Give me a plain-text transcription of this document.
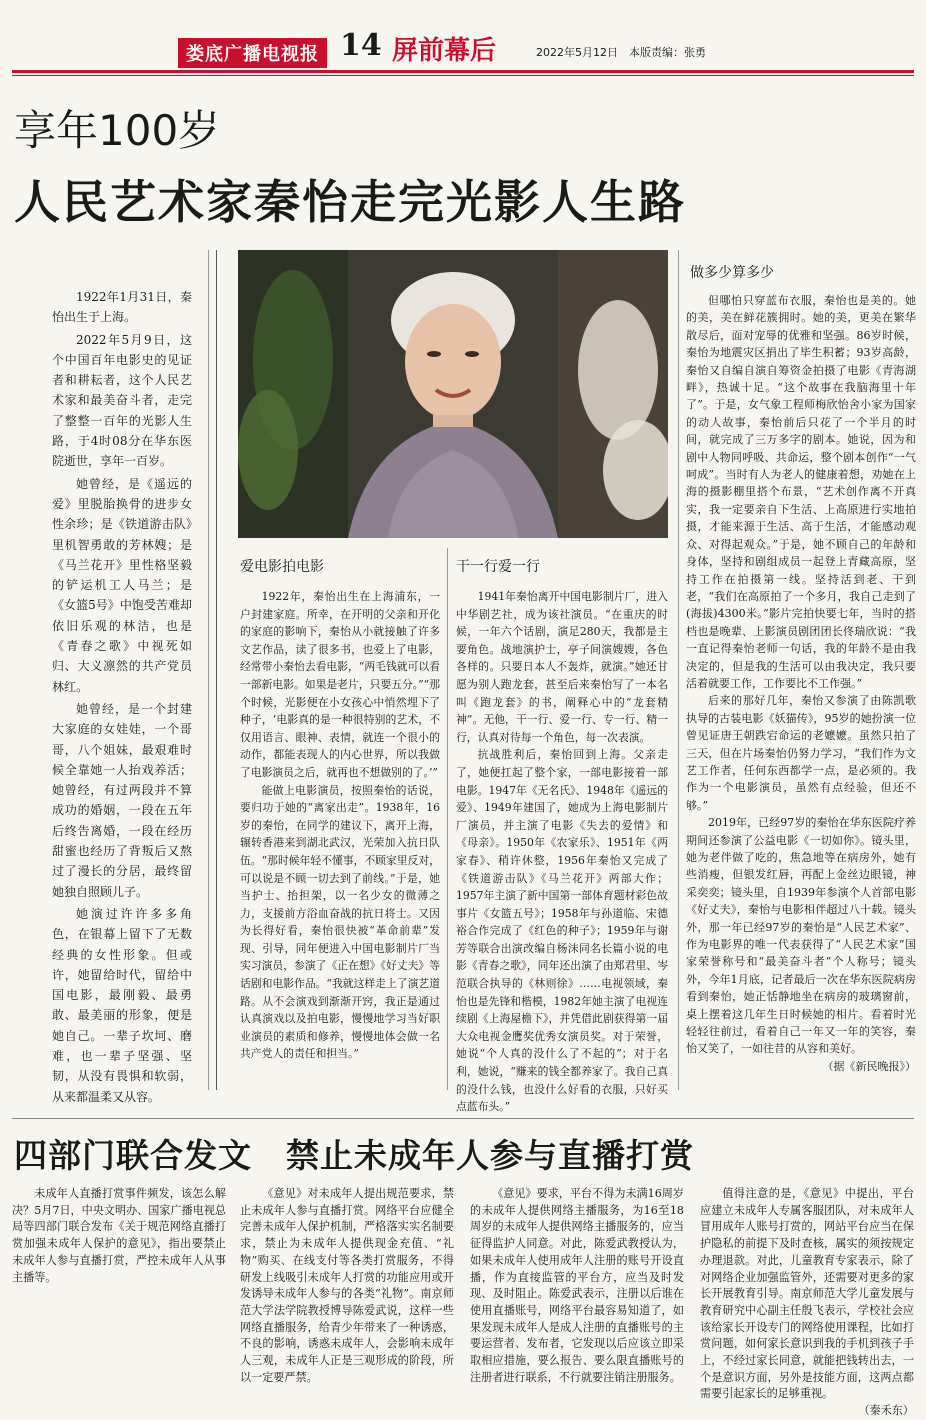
娄底广播电视报 14 屏前幕后	2022年5月12日　本版责编：张勇
享年100岁
人民艺术家秦怡走完光影人生路

1922年1月31日，秦怡出生于上海。

2022年5月9日，这个中国百年电影史的见证者和耕耘者，这个人民艺术家和最美奋斗者，走完了整整一百年的光影人生路，于4时08分在华东医院逝世，享年一百岁。

她曾经，是《遥远的爱》里脱胎换骨的进步女性余珍；是《铁道游击队》里机智勇敢的芳林嫂；是《马兰花开》里性格坚毅的铲运机工人马兰；是《女篮5号》中饱受苦难却依旧乐观的林洁，也是《青春之歌》中视死如归、大义凛然的共产党员林红。

她曾经，是一个封建大家庭的女娃娃，一个哥哥，八个姐妹，最艰难时候全靠她一人抬戏养活；她曾经，有过两段并不算成功的婚姻，一段在五年后终告离婚，一段在经历甜蜜也经历了背叛后又熬过了漫长的分居，最终留她独自照顾儿子。

她演过许许多多角色，在银幕上留下了无数经典的女性形象。但或许，她留给时代，留给中国电影，最刚毅、最勇敢、最美丽的形象，便是她自己。一辈子坎坷、磨难，也一辈子坚强、坚韧，从没有畏惧和软弱，从来都温柔又从容。

爱电影拍电影	干一行爱一行
做多少算多少

1922年，秦怡出生在上海浦东，一户封建家庭。所幸，在开明的父亲和开化的家庭的影响下，秦怡从小就接触了许多文艺作品，读了很多书，也爱上了电影，经常带小秦怡去看电影，“两毛钱就可以看一部新电影。如果是老片，只要五分。”“那个时候，光影便在小女孩心中悄然埋下了种子，‘电影真的是一种很特别的艺术，不仅用语言、眼神、表情，就连一个很小的动作，都能表现人的内心世界，所以我做了电影演员之后，就再也不想做别的了。’”

能做上电影演员，按照秦怡的话说，要归功于她的“离家出走”。1938年，16岁的秦怡，在同学的建议下，离开上海，辗转香港来到湖北武汉，光荣加入抗日队伍。“那时候年轻不懂事，不顾家里反对，可以说是不顾一切去到了前线。”于是，她当护士、抬担架，以一名少女的微薄之力，支援前方浴血奋战的抗日将士。又因为长得好看，秦怡很快被“革命前辈”发现、引导，同年便进入中国电影制片厂当实习演员，参演了《正在想》《好丈夫》等话剧和电影作品。“我就这样走上了演艺道路。从不会演戏到渐渐开窍，我正是通过认真演戏以及拍电影，慢慢地学习当好职业演员的素质和修养，慢慢地体会做一名共产党人的责任和担当。”

1941年秦怡离开中国电影制片厂，进入中华剧艺社，成为该社演员。“在重庆的时候，一年六个话剧，演足280天，我都是主要角色。战地演护士，亭子间演嫂嫂，各色各样的。只要日本人不轰炸，就演。”她还甘愿为别人跑龙套，甚至后来秦怡写了一本名叫《跑龙套》的书，阐释心中的“龙套精神”。无他，干一行、爱一行、专一行、精一行，认真对待每一个角色，每一次表演。

抗战胜利后，秦怡回到上海。父亲走了，她便扛起了整个家，一部电影接着一部电影。1947年《无名氏》、1948年《遥远的爱》、1949年建国了，她成为上海电影制片厂演员，并主演了电影《失去的爱情》和《母亲》。1950年《农家乐》、1951年《两家春》、稍许休整，1956年秦怡又完成了《铁道游击队》《马兰花开》两部大作；1957年主演了新中国第一部体育题材彩色故事片《女篮五号》；1958年与孙道临、宋德裕合作完成了《红色的种子》；1959年与谢芳等联合出演改编自杨沫同名长篇小说的电影《青春之歌》，同年还出演了由郑君里、岑范联合执导的《林则徐》……电视领域，秦怡也是先锋和楷模，1982年她主演了电视连续剧《上海屋檐下》，并凭借此剧获得第一届大众电视金鹰奖优秀女演员奖。对于荣誉，她说“个人真的没什么了不起的”；对于名利，她说，“赚来的钱全都养家了。我自己真的没什么钱，也没什么好看的衣服，只好买点蓝布头。”

但哪怕只穿蓝布衣服，秦怡也是美的。她的美，美在鲜花簇拥时。她的美，更美在繁华散尽后，面对宠辱的优雅和坚强。86岁时候，秦怡为地震灾区捐出了毕生积蓄；93岁高龄，秦怡又自编自演自筹资金拍摄了电影《青海湖畔》，热诚十足。“这个故事在我脑海里十年了”。于是，女气象工程师梅欣怡舍小家为国家的动人故事，秦怡前后只花了一个半月的时间，就完成了三万多字的剧本。她说，因为和剧中人物同呼吸、共命运，整个剧本创作“一气呵成”。当时有人为老人的健康着想，劝她在上海的摄影棚里搭个布景，“艺术创作离不开真实，我一定要亲自下生活、上高原进行实地拍摄，才能来源于生活、高于生活，才能感动观众、对得起观众。”于是，她不顾自己的年龄和身体，坚持和剧组成员一起登上青藏高原，坚持工作在拍摄第一线。坚持活到老、干到老，“我们在高原拍了一个多月，我自己走到了(海拔)4300米。”影片完拍快要七年，当时的搭档也是晚辈、上影演员剧团团长佟瑞欣说：“我一直记得秦怡老师一句话，我的年龄不是由我决定的，但是我的生活可以由我决定，我只要活着就要工作，工作要比不工作强。”

后来的那好几年，秦怡又参演了由陈凯歌执导的古装电影《妖猫传》，95岁的她扮演一位曾见证唐王朝跌宕命运的老嬷嬷。虽然只拍了三天，但在片场秦怡仍努力学习，“我们作为文艺工作者，任何东西都学一点，是必须的。我作为一个电影演员，虽然有点经验，但还不够。”

2019年，已经97岁的秦怡在华东医院疗养期间还参演了公益电影《一切如你》。镜头里，她为老伴做了吃的，焦急地等在病房外，她有些消瘦，但银发红唇，再配上金丝边眼镜，神采奕奕；镜头里，自1939年参演个人首部电影《好丈夫》，秦怡与电影相伴超过八十载。镜头外，那一年已经97岁的秦怡是“人民艺术家”、作为电影界的唯一代表获得了“人民艺术家”国家荣誉称号和“最美奋斗者”个人称号；镜头外，今年1月底，记者最后一次在华东医院病房看到秦怡，她正恬静地坐在病房的玻璃窗前，桌上摆着这几年生日时候她的相片。看着时光轻轻往前过，看着自己一年又一年的笑容，秦怡又笑了，一如往昔的从容和美好。

（据《新民晚报》）
四部门联合发文　禁止未成年人参与直播打赏

未成年人直播打赏事件频发，该怎么解决？5月7日，中央文明办、国家广播电视总局等四部门联合发布《关于规范网络直播打赏加强未成年人保护的意见》，指出要禁止未成年人参与直播打赏，严控未成年人从事主播等。

《意见》对未成年人提出规范要求，禁止未成年人参与直播打赏。网络平台应健全完善未成年人保护机制，严格落实实名制要求，禁止为未成年人提供现金充值、“礼物”购买、在线支付等各类打赏服务，不得研发上线吸引未成年人打赏的功能应用或开发诱导未成年人参与的各类“礼物”。南京师范大学法学院教授博导陈爱武说，这样一些网络直播服务，给青少年带来了一种诱惑，不良的影响，诱惑未成年人，会影响未成年人三观，未成年人正是三观形成的阶段，所以一定要严禁。

《意见》要求，平台不得为未满16周岁的未成年人提供网络主播服务，为16至18周岁的未成年人提供网络主播服务的，应当征得监护人同意。对此，陈爱武教授认为，如果未成年人使用成年人注册的账号开设直播，作为直接监管的平台方，应当及时发现、及时阻止。陈爱武表示，注册以后谁在使用直播账号，网络平台最容易知道了，如果发现未成年人是成人注册的直播账号的主要运营者、发布者，它发现以后应该立即采取相应措施，要么报告、要么限直播账号的注册者进行联系，不行就要注销注册服务。

值得注意的是，《意见》中提出，平台应建立未成年人专属客服团队，对未成年人冒用成年人账号打赏的，网站平台应当在保护隐私的前提下及时查核，属实的须按规定办理退款。对此，儿童教育专家表示，除了对网络企业加强监管外，还需要对更多的家长开展教育引导。南京师范大学儿童发展与教育研究中心副主任殷飞表示，学校社会应该给家长开设专门的网络使用课程，比如打赏问题，如何家长意识到我的手机到孩子手上，不经过家长同意，就能把钱转出去，一个是意识方面，另外是技能方面，这两点都需要引起家长的足够重视。

（秦禾东）
